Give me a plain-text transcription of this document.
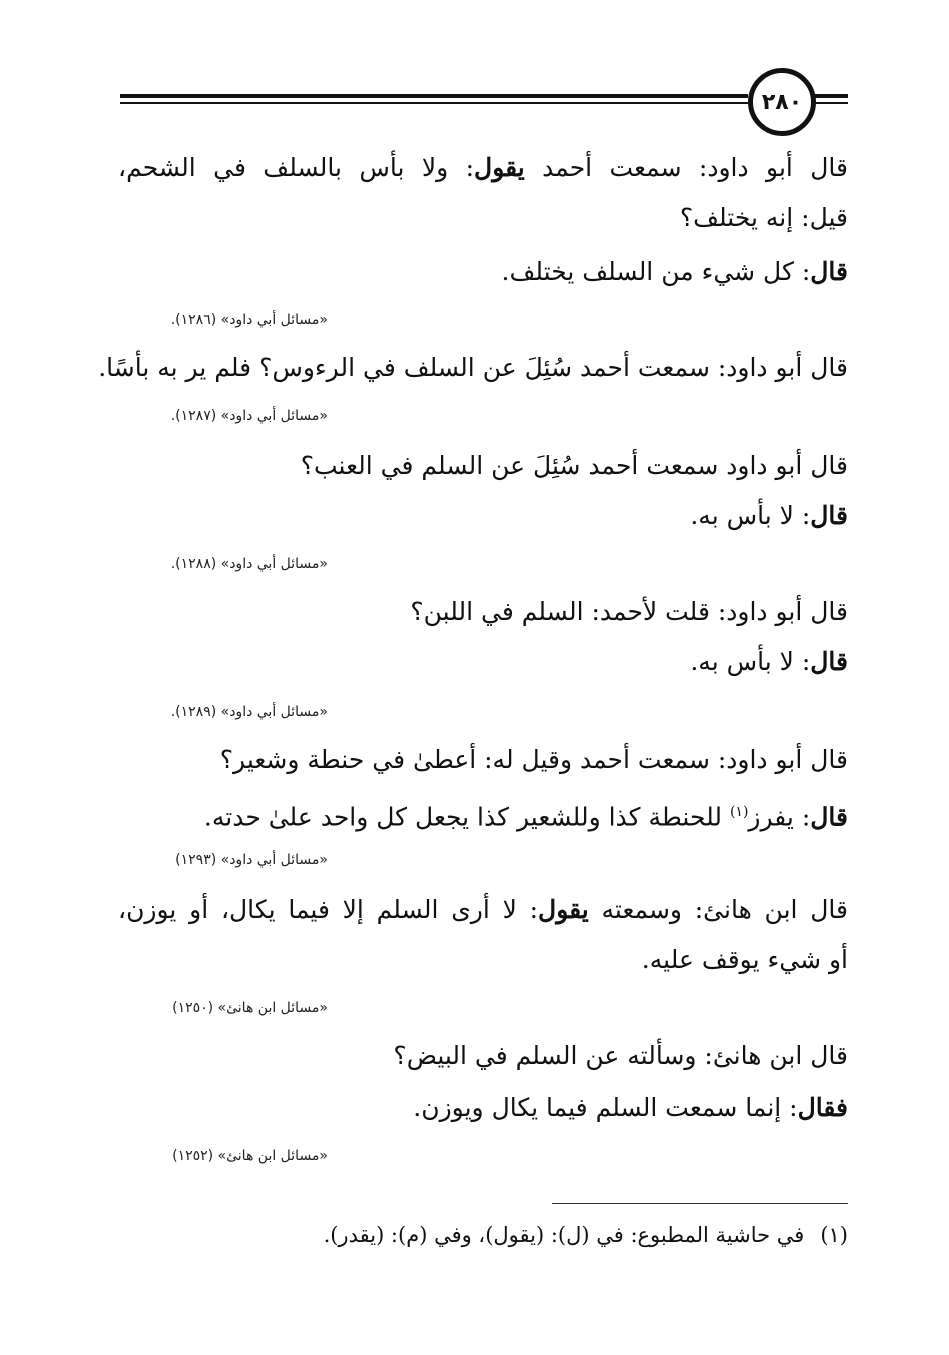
٢٨٠
قال أبو داود: سمعت أحمد يقول: ولا بأس بالسلف في الشحم،
قيل: إنه يختلف؟
قال: كل شيء من السلف يختلف.
«مسائل أبي داود» (١٢٨٦).
قال أبو داود: سمعت أحمد سُئِلَ عن السلف في الرءوس؟ فلم ير به بأسًا.
«مسائل أبي داود» (١٢٨٧).
قال أبو داود سمعت أحمد سُئِلَ عن السلم في العنب؟
قال: لا بأس به.
«مسائل أبي داود» (١٢٨٨).
قال أبو داود: قلت لأحمد: السلم في اللبن؟
قال: لا بأس به.
«مسائل أبي داود» (١٢٨٩).
قال أبو داود: سمعت أحمد وقيل له: أعطىٰ في حنطة وشعير؟
قال: يفرز$^{(١)}$ للحنطة كذا وللشعير كذا يجعل كل واحد علىٰ حدته.
«مسائل أبي داود» (١٢٩٣)
قال ابن هانئ: وسمعته يقول: لا أرى السلم إلا فيما يكال، أو يوزن،
أو شيء يوقف عليه.
«مسائل ابن هانئ» (١٢٥٠)
قال ابن هانئ: وسألته عن السلم في البيض؟
فقال: إنما سمعت السلم فيما يكال ويوزن.
«مسائل ابن هانئ» (١٢٥٢)
(١)في حاشية المطبوع: في (ل): (يقول)، وفي (م): (يقدر).
